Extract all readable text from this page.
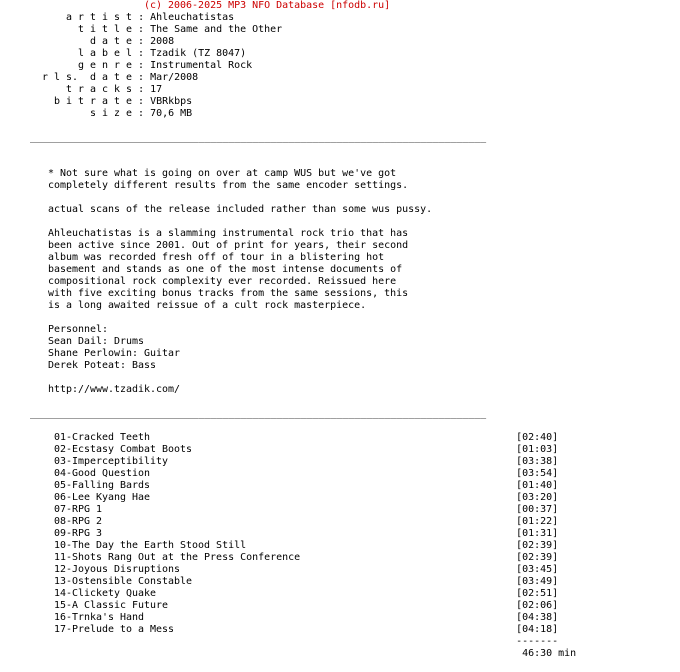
(c) 2006-2025 MP3 NFO Database [nfodb.ru]
a r t i s t : Ahleuchatistas
t i t l e : The Same and the Other
d a t e : 2008
l a b e l : Tzadik (TZ 8047)
g e n r e : Instrumental Rock
r l s.  d a t e : Mar/2008
t r a c k s : 17
b i t r a t e : VBRkbps
s i z e : 70,6 MB

____________________________________________________________________________

* Not sure what is going on over at camp WUS but we've got
completely different results from the same encoder settings.

actual scans of the release included rather than some wus pussy.

Ahleuchatistas is a slamming instrumental rock trio that has
been active since 2001. Out of print for years, their second
album was recorded fresh off of tour in a blistering hot
basement and stands as one of the most intense documents of
compositional rock complexity ever recorded. Reissued here
with five exciting bonus tracks from the same sessions, this
is a long awaited reissue of a cult rock masterpiece.

Personnel:
Sean Dail: Drums
Shane Perlowin: Guitar
Derek Poteat: Bass

http://www.tzadik.com/

____________________________________________________________________________

01-Cracked Teeth	[02:40]
02-Ecstasy Combat Boots	[01:03]
03-Imperceptibility	[03:38]
04-Good Question	[03:54]
05-Falling Bards	[01:40]
06-Lee Kyang Hae	[03:20]
07-RPG 1	[00:37]
08-RPG 2	[01:22]
09-RPG 3	[01:31]
10-The Day the Earth Stood Still	[02:39]
11-Shots Rang Out at the Press Conference	[02:39]
12-Joyous Disruptions	[03:45]
13-Ostensible Constable	[03:49]
14-Clickety Quake	[02:51]
15-A Classic Future	[02:06]
16-Trnka's Hand	[04:38]
17-Prelude to a Mess	[04:18]
-------
46:30 min
